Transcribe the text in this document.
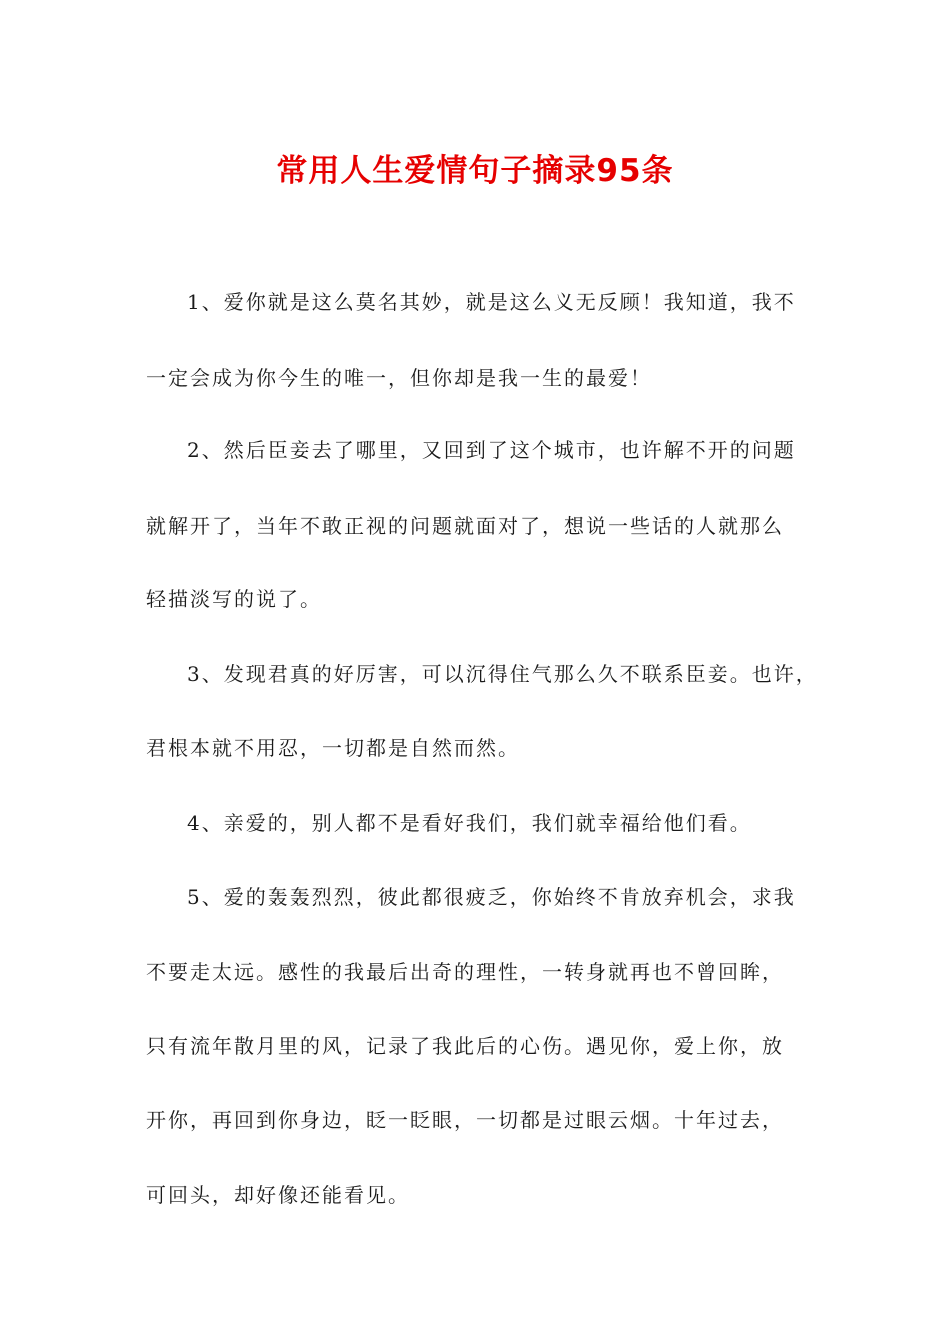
常用人生爱情句子摘录95条
1、爱你就是这么莫名其妙，就是这么义无反顾！我知道，我不
一定会成为你今生的唯一，但你却是我一生的最爱！
2、然后臣妾去了哪里，又回到了这个城市，也许解不开的问题
就解开了，当年不敢正视的问题就面对了，想说一些话的人就那么
轻描淡写的说了。
3、发现君真的好厉害，可以沉得住气那么久不联系臣妾。也许，
君根本就不用忍，一切都是自然而然。
4、亲爱的，别人都不是看好我们，我们就幸福给他们看。
5、爱的轰轰烈烈，彼此都很疲乏，你始终不肯放弃机会，求我
不要走太远。感性的我最后出奇的理性，一转身就再也不曾回眸，
只有流年散月里的风，记录了我此后的心伤。遇见你，爱上你，放
开你，再回到你身边，眨一眨眼，一切都是过眼云烟。十年过去，
可回头，却好像还能看见。
